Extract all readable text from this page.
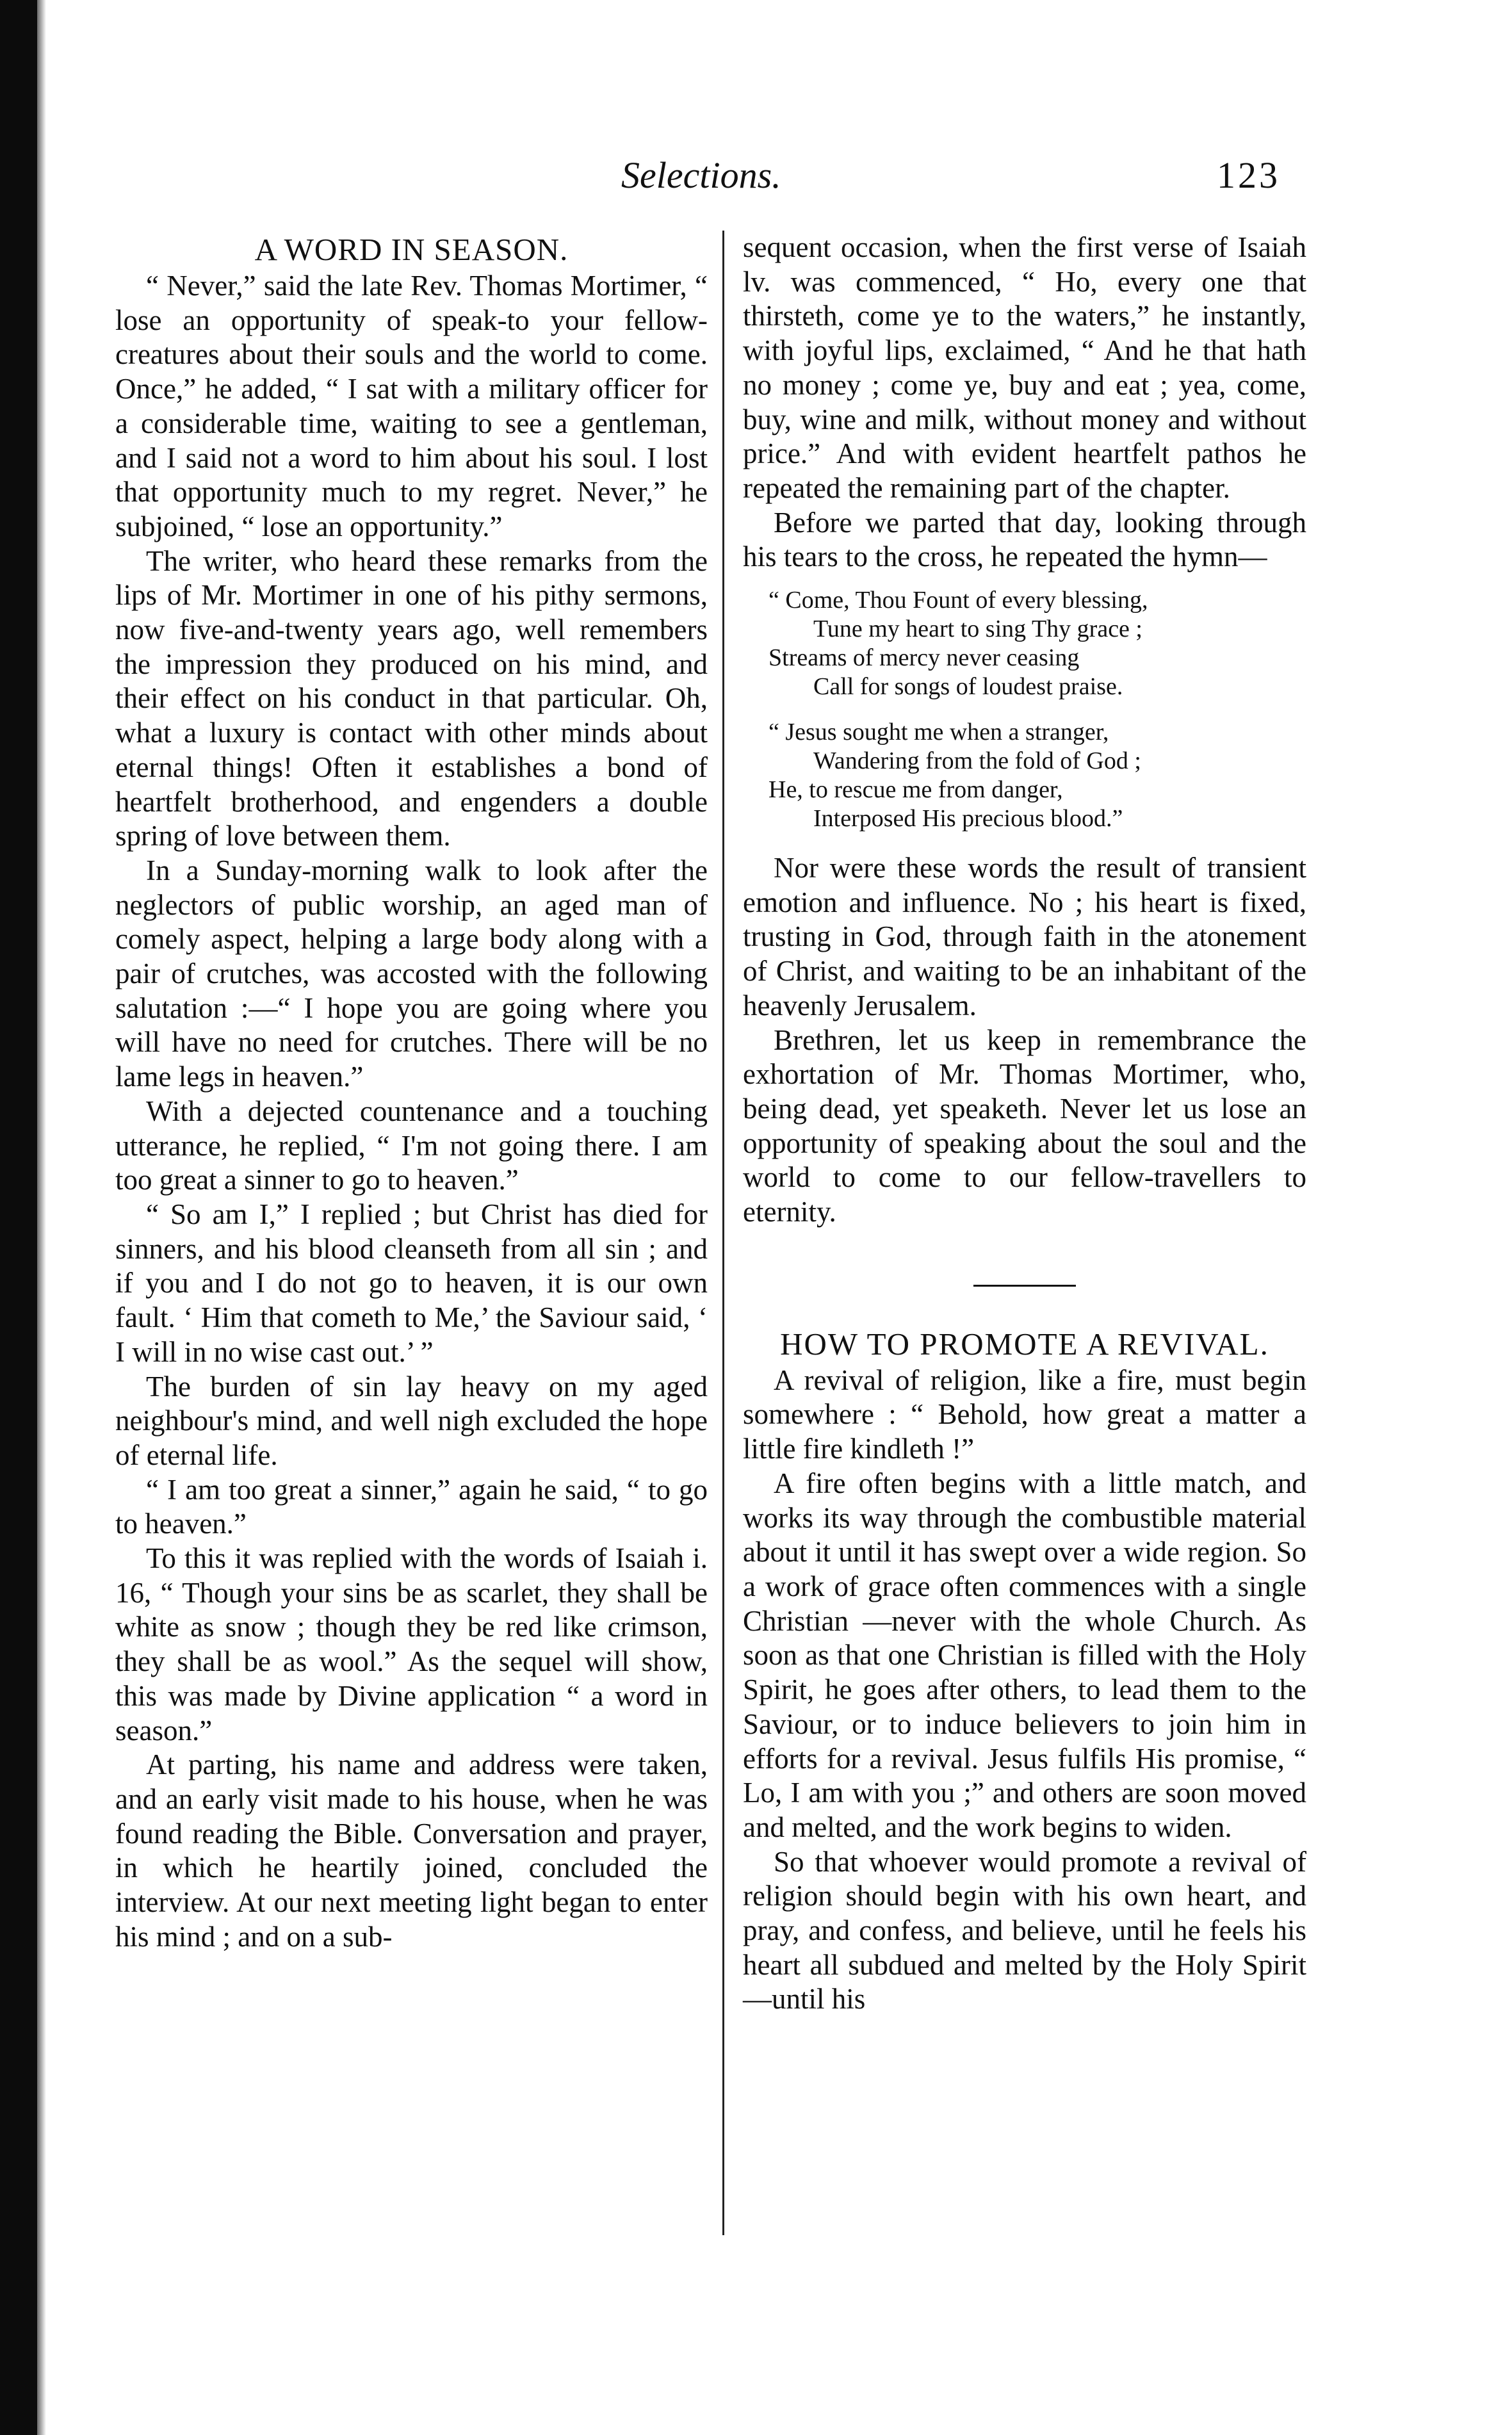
Selections.	123
A WORD IN SEASON.

“ Never,” said the late Rev. Thomas Mortimer, “ lose an opportunity of speak-to your fellow-creatures about their souls and the world to come. Once,” he added, “ I sat with a military officer for a considerable time, waiting to see a gentleman, and I said not a word to him about his soul. I lost that opportunity much to my regret. Never,” he subjoined, “ lose an opportunity.”

The writer, who heard these remarks from the lips of Mr. Mortimer in one of his pithy sermons, now five-and-twenty years ago, well remembers the impression they produced on his mind, and their effect on his conduct in that particular. Oh, what a luxury is contact with other minds about eternal things! Often it establishes a bond of heartfelt brotherhood, and engenders a double spring of love between them.

In a Sunday-morning walk to look after the neglectors of public worship, an aged man of comely aspect, helping a large body along with a pair of crutches, was accosted with the following salutation :—“ I hope you are going where you will have no need for crutches. There will be no lame legs in heaven.”

With a dejected countenance and a touching utterance, he replied, “ I'm not going there. I am too great a sinner to go to heaven.”

“ So am I,” I replied ; but Christ has died for sinners, and his blood cleanseth from all sin ; and if you and I do not go to heaven, it is our own fault. ‘ Him that cometh to Me,’ the Saviour said, ‘ I will in no wise cast out.’ ”

The burden of sin lay heavy on my aged neighbour's mind, and well nigh excluded the hope of eternal life.

“ I am too great a sinner,” again he said, “ to go to heaven.”

To this it was replied with the words of Isaiah i. 16, “ Though your sins be as scarlet, they shall be white as snow ; though they be red like crimson, they shall be as wool.” As the sequel will show, this was made by Divine application “ a word in season.”

At parting, his name and address were taken, and an early visit made to his house, when he was found reading the Bible. Conversation and prayer, in which he heartily joined, concluded the interview. At our next meeting light began to enter his mind ; and on a sub-

sequent occasion, when the first verse of Isaiah lv. was commenced, “ Ho, every one that thirsteth, come ye to the waters,” he instantly, with joyful lips, exclaimed, “ And he that hath no money ; come ye, buy and eat ; yea, come, buy, wine and milk, without money and without price.” And with evident heartfelt pathos he repeated the remaining part of the chapter.

Before we parted that day, looking through his tears to the cross, he repeated the hymn—

“ Come, Thou Fount of every blessing,
Tune my heart to sing Thy grace ;
Streams of mercy never ceasing
Call for songs of loudest praise.
“ Jesus sought me when a stranger,
Wandering from the fold of God ;
He, to rescue me from danger,
Interposed His precious blood.”

Nor were these words the result of transient emotion and influence. No ; his heart is fixed, trusting in God, through faith in the atonement of Christ, and waiting to be an inhabitant of the heavenly Jerusalem.

Brethren, let us keep in remembrance the exhortation of Mr. Thomas Mortimer, who, being dead, yet speaketh. Never let us lose an opportunity of speaking about the soul and the world to come to our fellow-travellers to eternity.

HOW TO PROMOTE A REVIVAL.

A revival of religion, like a fire, must begin somewhere : “ Behold, how great a matter a little fire kindleth !”

A fire often begins with a little match, and works its way through the combustible material about it until it has swept over a wide region. So a work of grace often commences with a single Christian —never with the whole Church. As soon as that one Christian is filled with the Holy Spirit, he goes after others, to lead them to the Saviour, or to induce believers to join him in efforts for a revival. Jesus fulfils His promise, “ Lo, I am with you ;” and others are soon moved and melted, and the work begins to widen.

So that whoever would promote a revival of religion should begin with his own heart, and pray, and confess, and believe, until he feels his heart all subdued and melted by the Holy Spirit—until his
